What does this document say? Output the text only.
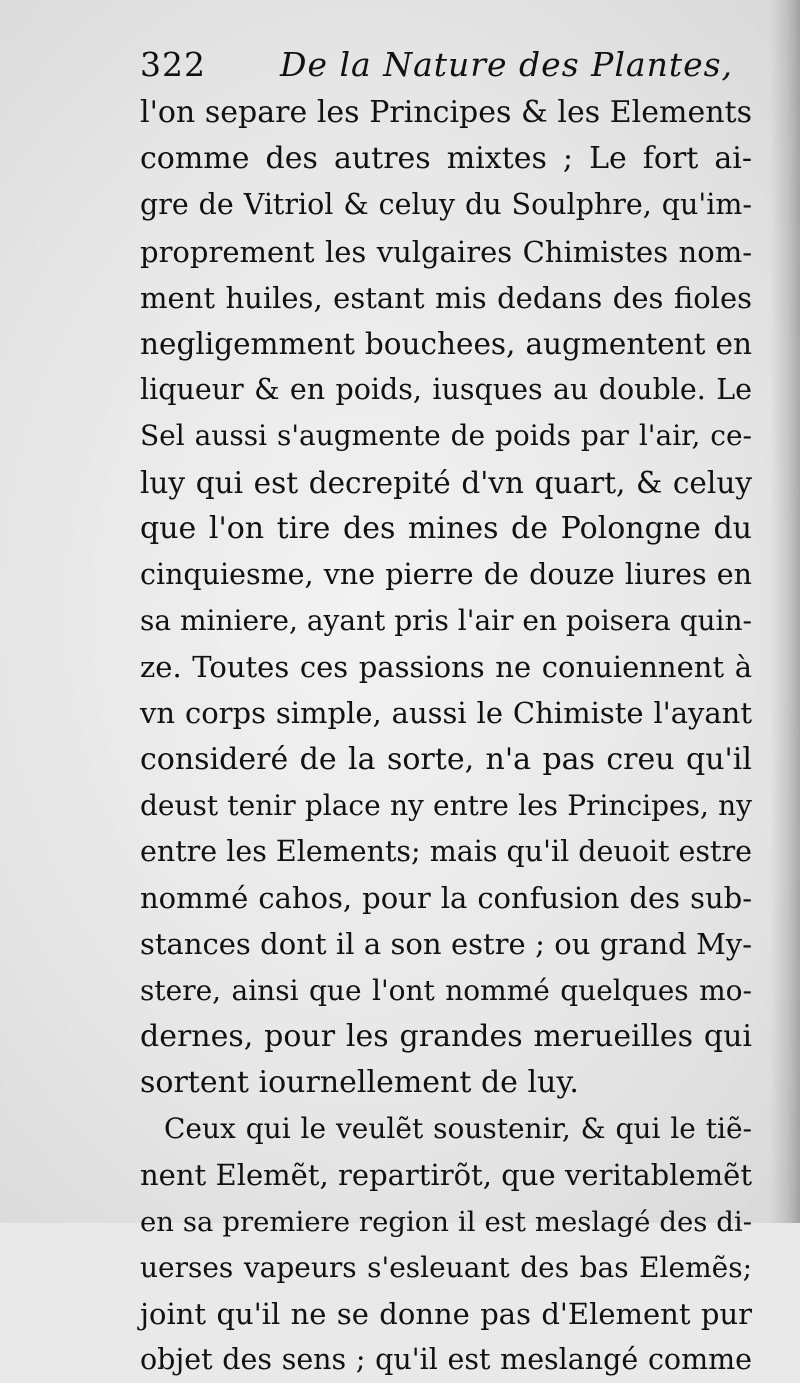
322 De la Nature des Plantes,
l'on separe les Principes & les Elements
comme des autres mixtes ; Le fort ai-
gre de Vitriol & celuy du Soulphre, qu'im-
proprement les vulgaires Chimistes nom-
ment huiles, estant mis dedans des fioles
negligemment bouchees, augmentent en
liqueur & en poids, iusques au double. Le
Sel aussi s'augmente de poids par l'air, ce-
luy qui est decrepité d'vn quart, & celuy
que l'on tire des mines de Polongne du
cinquiesme, vne pierre de douze liures en
sa miniere, ayant pris l'air en poisera quin-
ze. Toutes ces passions ne conuiennent à
vn corps simple, aussi le Chimiste l'ayant
consideré de la sorte, n'a pas creu qu'il
deust tenir place ny entre les Principes, ny
entre les Elements; mais qu'il deuoit estre
nommé cahos, pour la confusion des sub-
stances dont il a son estre ; ou grand My-
stere, ainsi que l'ont nommé quelques mo-
dernes, pour les grandes merueilles qui
sortent iournellement de luy.
Ceux qui le veulẽt soustenir, & qui le tiẽ-
nent Elemẽt, repartirõt, que veritablemẽt
en sa premiere region il est meslagé des di-
uerses vapeurs s'esleuant des bas Elemẽs;
joint qu'il ne se donne pas d'Element pur
objet des sens ; qu'il est meslangé comme
